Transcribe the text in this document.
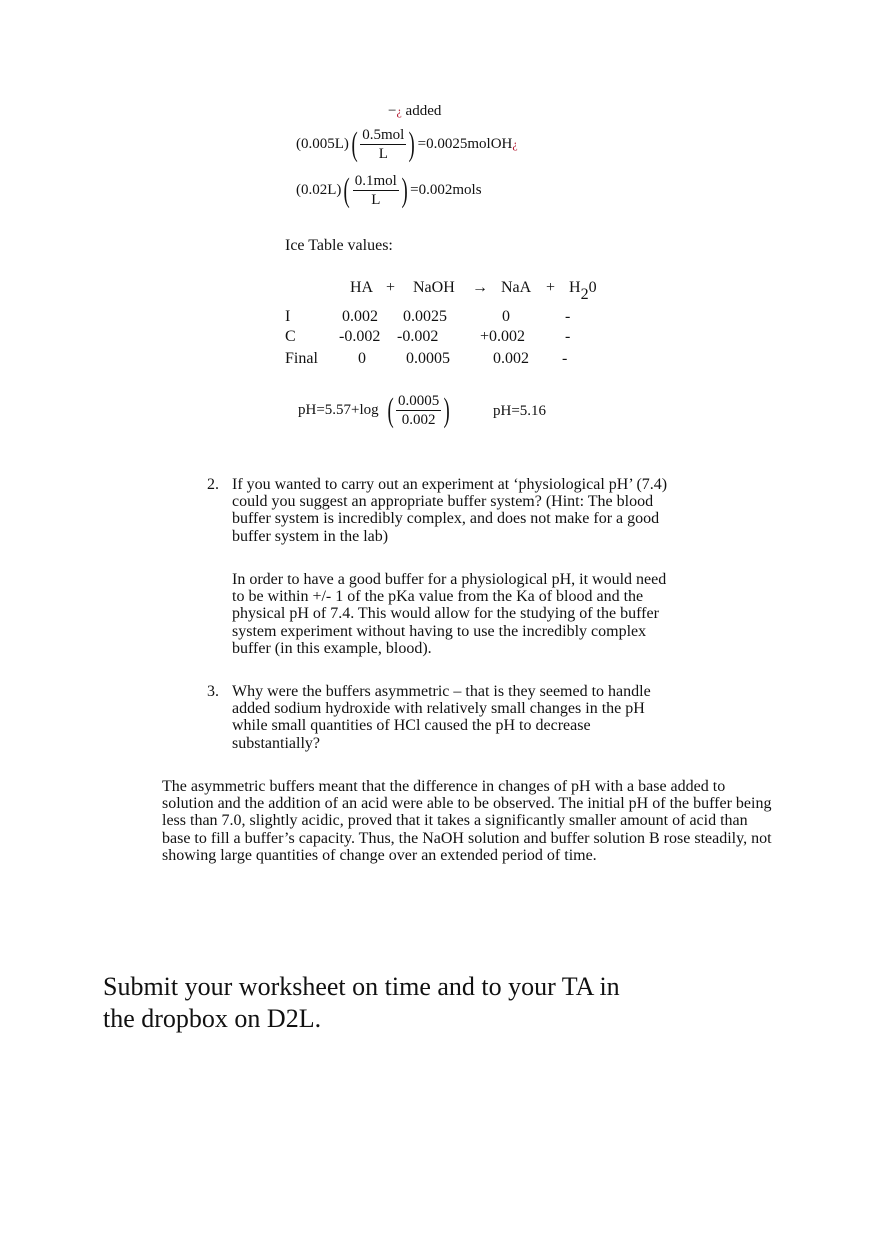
−¿ added
(0.005L) ( $\frac{\text{0.5mol}}{L}$ ) =0.0025molOH ¿
(0.02L) ( $\frac{\text{0.1mol}}{L}$ ) =0.002mols
Ice Table values:
HA + NaOH → NaA + H20
I	0.002 0.0025	0	-
C	-0.002 -0.002	+0.002 -
Final	0	0.0005	0.002 -
pH=5.57+log ( $\frac{0.0005}{0.002}$ )	pH=5.16
2. If you wanted to carry out an experiment at ‘physiological pH’ (7.4) could you suggest an appropriate buffer system? (Hint: The blood buffer system is incredibly complex, and does not make for a good buffer system in the lab)

In order to have a good buffer for a physiological pH, it would need to be within +/- 1 of the pKa value from the Ka of blood and the physical pH of 7.4. This would allow for the studying of the buffer system experiment without having to use the incredibly complex buffer (in this example, blood).

3. Why were the buffers asymmetric – that is they seemed to handle added sodium hydroxide with relatively small changes in the pH while small quantities of HCl caused the pH to decrease substantially?

The asymmetric buffers meant that the difference in changes of pH with a base added to solution and the addition of an acid were able to be observed. The initial pH of the buffer being less than 7.0, slightly acidic, proved that it takes a significantly smaller amount of acid than base to fill a buffer’s capacity. Thus, the NaOH solution and buffer solution B rose steadily, not showing large quantities of change over an extended period of time.

Submit your worksheet on time and to your TA in the dropbox on D2L.
